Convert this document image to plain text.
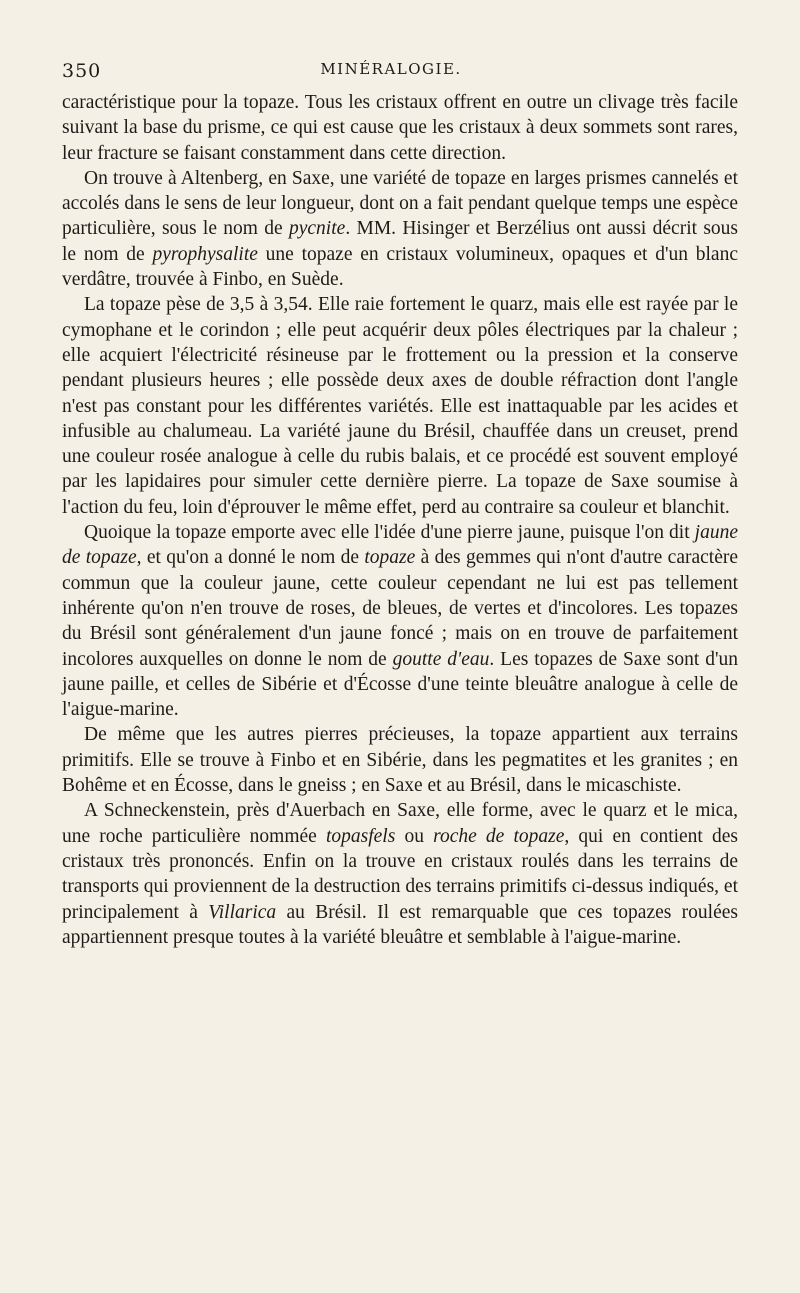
350	MINÉRALOGIE.

caractéristique pour la topaze. Tous les cristaux offrent en outre un clivage très facile suivant la base du prisme, ce qui est cause que les cristaux à deux sommets sont rares, leur fracture se faisant constamment dans cette direction.

On trouve à Altenberg, en Saxe, une variété de topaze en larges prismes cannelés et accolés dans le sens de leur longueur, dont on a fait pendant quelque temps une espèce particulière, sous le nom de pycnite. MM. Hisinger et Berzélius ont aussi décrit sous le nom de pyrophysalite une topaze en cristaux volumineux, opaques et d'un blanc verdâtre, trouvée à Finbo, en Suède.

La topaze pèse de 3,5 à 3,54. Elle raie fortement le quarz, mais elle est rayée par le cymophane et le corindon ; elle peut acquérir deux pôles électriques par la chaleur ; elle acquiert l'électricité résineuse par le frottement ou la pression et la conserve pendant plusieurs heures ; elle possède deux axes de double réfraction dont l'angle n'est pas constant pour les différentes variétés. Elle est inattaquable par les acides et infusible au chalumeau. La variété jaune du Brésil, chauffée dans un creuset, prend une couleur rosée analogue à celle du rubis balais, et ce procédé est souvent employé par les lapidaires pour simuler cette dernière pierre. La topaze de Saxe soumise à l'action du feu, loin d'éprouver le même effet, perd au contraire sa couleur et blanchit.

Quoique la topaze emporte avec elle l'idée d'une pierre jaune, puisque l'on dit jaune de topaze, et qu'on a donné le nom de topaze à des gemmes qui n'ont d'autre caractère commun que la couleur jaune, cette couleur cependant ne lui est pas tellement inhérente qu'on n'en trouve de roses, de bleues, de vertes et d'incolores. Les topazes du Brésil sont généralement d'un jaune foncé ; mais on en trouve de parfaitement incolores auxquelles on donne le nom de goutte d'eau. Les topazes de Saxe sont d'un jaune paille, et celles de Sibérie et d'Écosse d'une teinte bleuâtre analogue à celle de l'aigue-marine.

De même que les autres pierres précieuses, la topaze appartient aux terrains primitifs. Elle se trouve à Finbo et en Sibérie, dans les pegmatites et les granites ; en Bohême et en Écosse, dans le gneiss ; en Saxe et au Brésil, dans le micaschiste.

A Schneckenstein, près d'Auerbach en Saxe, elle forme, avec le quarz et le mica, une roche particulière nommée topasfels ou roche de topaze, qui en contient des cristaux très prononcés. Enfin on la trouve en cristaux roulés dans les terrains de transports qui proviennent de la destruction des terrains primitifs ci-dessus indiqués, et principalement à Villarica au Brésil. Il est remarquable que ces topazes roulées appartiennent presque toutes à la variété bleuâtre et semblable à l'aigue-marine.
